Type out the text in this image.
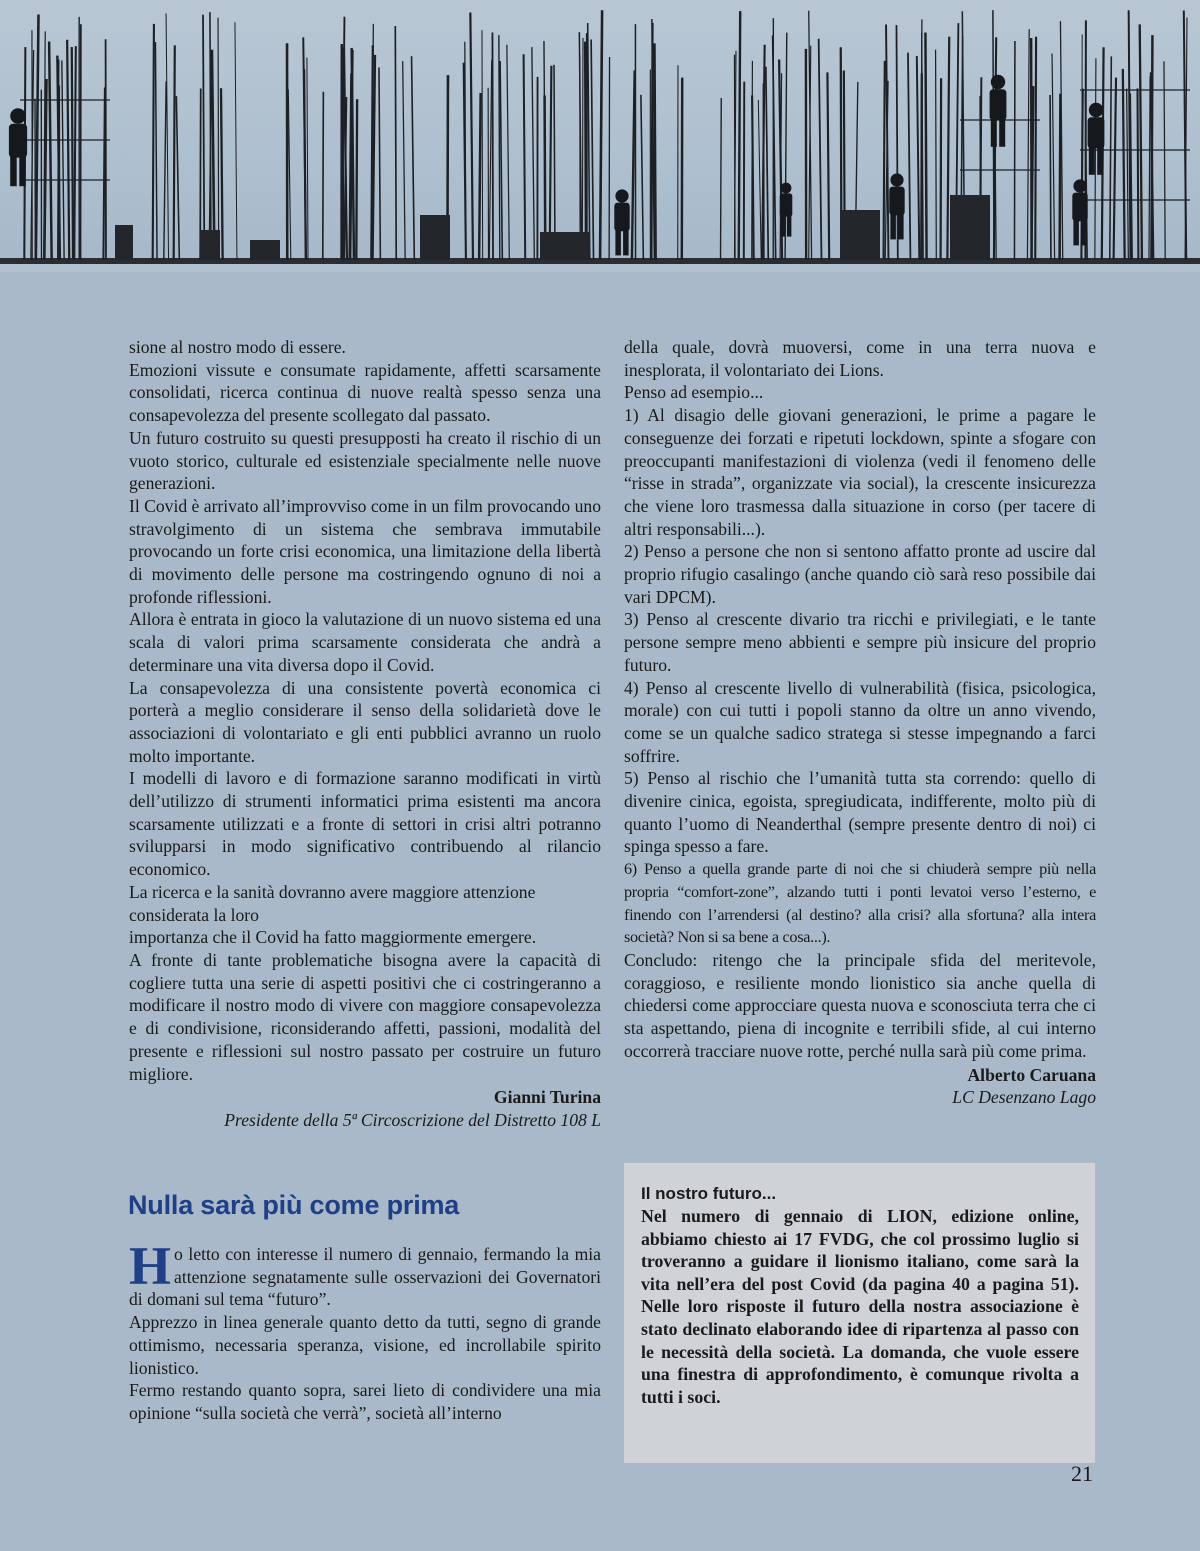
sione al nostro modo di essere.

Emozioni vissute e consumate rapidamente, affetti scarsamente consolidati, ricerca continua di nuove realtà spesso senza una consapevolezza del presente scollegato dal passato.

Un futuro costruito su questi presupposti ha creato il rischio di un vuoto storico, culturale ed esistenziale specialmente nelle nuove generazioni.

Il Covid è arrivato all’improvviso come in un film provocando uno stravolgimento di un sistema che sembrava immutabile provocando un forte crisi economica, una limitazione della libertà di movimento delle persone ma costringendo ognuno di noi a profonde riflessioni.

Allora è entrata in gioco la valutazione di un nuovo sistema ed una scala di valori prima scarsamente considerata che andrà a determinare una vita diversa dopo il Covid.

La consapevolezza di una consistente povertà economica ci porterà a meglio considerare il senso della solidarietà dove le associazioni di volontariato e gli enti pubblici avranno un ruolo molto importante.

I modelli di lavoro e di formazione saranno modificati in virtù dell’utilizzo di strumenti informatici prima esistenti ma ancora scarsamente utilizzati e a fronte di settori in crisi altri potranno svilupparsi in modo significativo contribuendo al rilancio economico.

La ricerca e la sanità dovranno avere maggiore attenzione considerata la loro

importanza che il Covid ha fatto maggiormente emergere.

A fronte di tante problematiche bisogna avere la capacità di cogliere tutta una serie di aspetti positivi che ci costringeranno a modificare il nostro modo di vivere con maggiore consapevolezza e di condivisione, riconsiderando affetti, passioni, modalità del presente e riflessioni sul nostro passato per costruire un futuro migliore.

Gianni Turina

Presidente della 5ª Circoscrizione del Distretto 108 L

della quale, dovrà muoversi, come in una terra nuova e inesplorata, il volontariato dei Lions.

Penso ad esempio...

1) Al disagio delle giovani generazioni, le prime a pagare le conseguenze dei forzati e ripetuti lockdown, spinte a sfogare con preoccupanti manifestazioni di violenza (vedi il fenomeno delle “risse in strada”, organizzate via social), la crescente insicurezza che viene loro trasmessa dalla situazione in corso (per tacere di altri responsabili...).

2) Penso a persone che non si sentono affatto pronte ad uscire dal proprio rifugio casalingo (anche quando ciò sarà reso possibile dai vari DPCM).

3) Penso al crescente divario tra ricchi e privilegiati, e le tante persone sempre meno abbienti e sempre più insicure del proprio futuro.

4) Penso al crescente livello di vulnerabilità (fisica, psicologica, morale) con cui tutti i popoli stanno da oltre un anno vivendo, come se un qualche sadico stratega si stesse impegnando a farci soffrire.

5) Penso al rischio che l’umanità tutta sta correndo: quello di divenire cinica, egoista, spregiudicata, indifferente, molto più di quanto l’uomo di Neanderthal (sempre presente dentro di noi) ci spinga spesso a fare.

6) Penso a quella grande parte di noi che si chiuderà sempre più nella propria “comfort-zone”, alzando tutti i ponti levatoi verso l’esterno, e finendo con l’arrendersi (al destino? alla crisi? alla sfortuna? alla intera società? Non si sa bene a cosa...).

Concludo: ritengo che la principale sfida del meritevole, coraggioso, e resiliente mondo lionistico sia anche quella di chiedersi come approcciare questa nuova e sconosciuta terra che ci sta aspettando, piena di incognite e terribili sfide, al cui interno occorrerà tracciare nuove rotte, perché nulla sarà più come prima.

Alberto Caruana

LC Desenzano Lago

Nulla sarà più come prima

Ho letto con interesse il numero di gennaio, fermando la mia attenzione segnatamente sulle osservazioni dei Governatori di domani sul tema “futuro”.

Apprezzo in linea generale quanto detto da tutti, segno di grande ottimismo, necessaria speranza, visione, ed incrollabile spirito lionistico.

Fermo restando quanto sopra, sarei lieto di condividere una mia opinione “sulla società che verrà”, società all’interno

Il nostro futuro...

Nel numero di gennaio di LION, edizione online, abbiamo chiesto ai 17 FVDG, che col prossimo luglio si troveranno a guidare il lionismo italiano, come sarà la vita nell’era del post Covid (da pagina 40 a pagina 51). Nelle loro risposte il futuro della nostra associazione è stato declinato elaborando idee di ripartenza al passo con le necessità della società. La domanda, che vuole essere una finestra di approfondimento, è comunque rivolta a tutti i soci.

21
